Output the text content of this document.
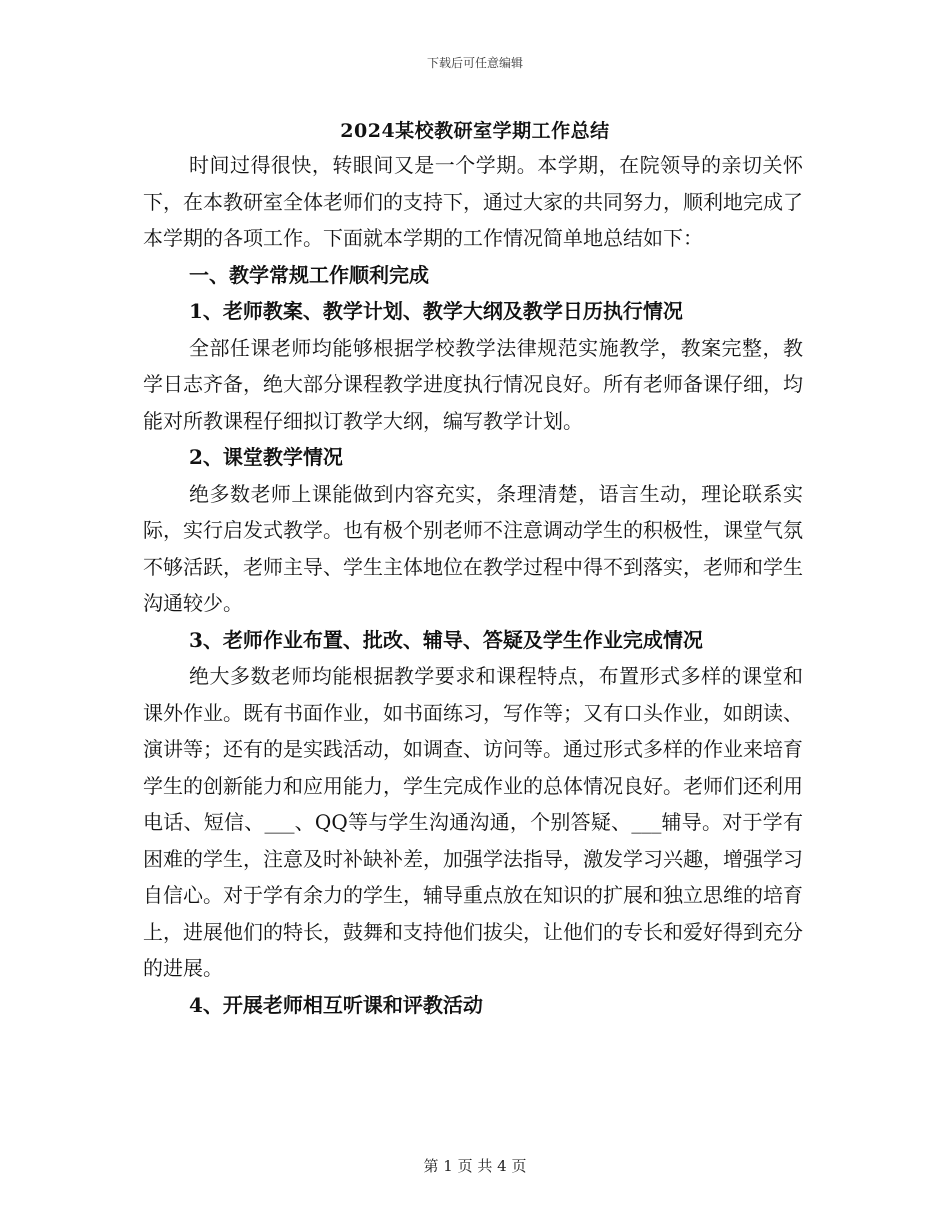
下载后可任意编辑
2024某校教研室学期工作总结

时间过得很快，转眼间又是一个学期。本学期，在院领导的亲切关怀下，在本教研室全体老师们的支持下，通过大家的共同努力，顺利地完成了本学期的各项工作。下面就本学期的工作情况简单地总结如下：

一、教学常规工作顺利完成
1、老师教案、教学计划、教学大纲及教学日历执行情况

全部任课老师均能够根据学校教学法律规范实施教学，教案完整，教学日志齐备，绝大部分课程教学进度执行情况良好。所有老师备课仔细，均能对所教课程仔细拟订教学大纲，编写教学计划。

2、课堂教学情况

绝多数老师上课能做到内容充实，条理清楚，语言生动，理论联系实际，实行启发式教学。也有极个别老师不注意调动学生的积极性，课堂气氛不够活跃，老师主导、学生主体地位在教学过程中得不到落实，老师和学生沟通较少。

3、老师作业布置、批改、辅导、答疑及学生作业完成情况

绝大多数老师均能根据教学要求和课程特点，布置形式多样的课堂和课外作业。既有书面作业，如书面练习，写作等；又有口头作业，如朗读、演讲等；还有的是实践活动，如调查、访问等。通过形式多样的作业来培育学生的创新能力和应用能力，学生完成作业的总体情况良好。老师们还利用电话、短信、___、QQ等与学生沟通沟通，个别答疑、___辅导。对于学有困难的学生，注意及时补缺补差，加强学法指导，激发学习兴趣，增强学习自信心。对于学有余力的学生，辅导重点放在知识的扩展和独立思维的培育上，进展他们的特长，鼓舞和支持他们拔尖，让他们的专长和爱好得到充分的进展。

4、开展老师相互听课和评教活动
第 1 页 共 4 页
